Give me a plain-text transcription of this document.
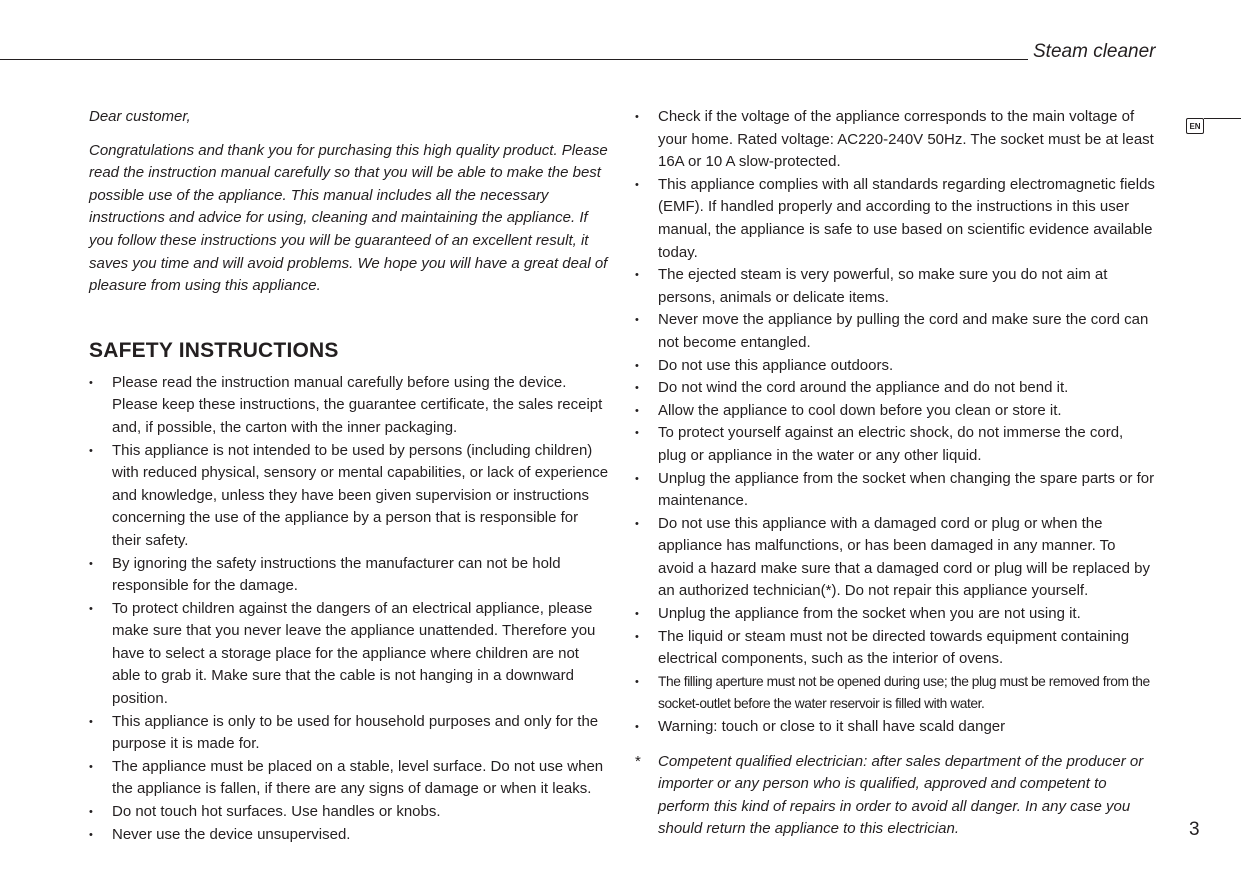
Steam cleaner
EN

Dear customer,

Congratulations and thank you for purchasing this high quality product. Please read the instruction manual carefully so that you will be able to make the best possible use of the appliance. This manual includes all the necessary instructions and advice for using, cleaning and maintaining the appliance. If you follow these instructions you will be guaranteed of an excellent result, it saves you time and will avoid problems. We hope you will have a great deal of pleasure from using this appliance.

SAFETY INSTRUCTIONS
• Please read the instruction manual carefully before using the device. Please keep these instructions, the guarantee certificate, the sales receipt and, if possible, the carton with the inner packaging.
• This appliance is not intended to be used by persons (including children) with reduced physical, sensory or mental capabilities, or lack of experience and knowledge, unless they have been given supervision or instructions concerning the use of the appliance by a person that is responsible for their safety.
• By ignoring the safety instructions the manufacturer can not be hold responsible for the damage.
• To protect children against the dangers of an electrical appliance, please make sure that you never leave the appliance unattended. Therefore you have to select a storage place for the appliance where children are not able to grab it. Make sure that the cable is not hanging in a downward position.
• This appliance is only to be used for household purposes and only for the purpose it is made for.
• The appliance must be placed on a stable, level surface. Do not use when the appliance is fallen, if there are any signs of damage or when it leaks.
• Do not touch hot surfaces. Use handles or knobs.
• Never use the device unsupervised.
• Check if the voltage of the appliance corresponds to the main voltage of your home. Rated voltage: AC220-240V 50Hz. The socket must be at least 16A or 10 A slow-protected.
• This appliance complies with all standards regarding electromagnetic fields (EMF). If handled properly and according to the instructions in this user manual, the appliance is safe to use based on scientific evidence available today.
• The ejected steam is very powerful, so make sure you do not aim at persons, animals or delicate items.
• Never move the appliance by pulling the cord and make sure the cord can not become entangled.
• Do not use this appliance outdoors.
• Do not wind the cord around the appliance and do not bend it.
• Allow the appliance to cool down before you clean or store it.
• To protect yourself against an electric shock, do not immerse the cord, plug or appliance in the water or any other liquid.
• Unplug the appliance from the socket when changing the spare parts or for maintenance.
• Do not use this appliance with a damaged cord or plug or when the appliance has malfunctions, or has been damaged in any manner. To avoid a hazard make sure that a damaged cord or plug will be replaced by an authorized technician(*). Do not repair this appliance yourself.
• Unplug the appliance from the socket when you are not using it.
• The liquid or steam must not be directed towards equipment containing electrical components, such as the interior of ovens.
• The filling aperture must not be opened during use; the plug must be removed from the socket-outlet before the water reservoir is filled with water.
• Warning: touch or close to it shall have scald danger
* Competent qualified electrician: after sales department of the producer or importer or any person who is qualified, approved and competent to perform this kind of repairs in order to avoid all danger. In any case you should return the appliance to this electrician.	3
